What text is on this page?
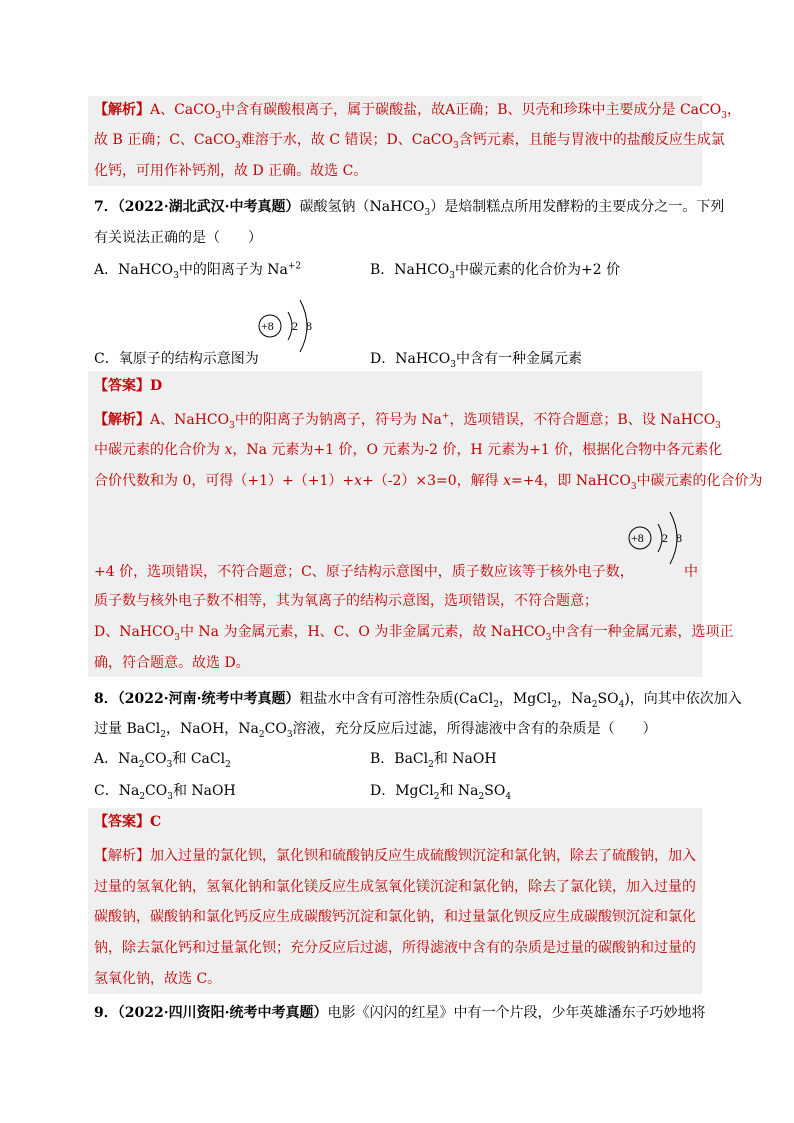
【解析】A、CaCO$_3$中含有碳酸根离子，属于碳酸盐，故A正确；B、贝壳和珍珠中主要成分是 CaCO$_3$，
故 B 正确；C、CaCO$_3$难溶于水，故 C 错误；D、CaCO$_3$含钙元素，且能与胃液中的盐酸反应生成氯
化钙，可用作补钙剂，故 D 正确。故选 C。
7．（2022·湖北武汉·中考真题）碳酸氢钠（NaHCO$_3$）是焙制糕点所用发酵粉的主要成分之一。下列
有关说法正确的是（　　）
A．NaHCO$_3$中的阳离子为 $Na^{+2}$	B．NaHCO$_3$中碳元素的化合价为+2 价
+8 2 8
C．氧原子的结构示意图为	D．NaHCO$_3$中含有一种金属元素
【答案】D
【解析】A、NaHCO$_3$中的阳离子为钠离子，符号为 Na+，选项错误，不符合题意；B、设 NaHCO$_3$
中碳元素的化合价为 x，Na 元素为+1 价，O 元素为-2 价，H 元素为+1 价，根据化合物中各元素化
合价代数和为 0，可得（+1）+（+1）+x+（-2）×3=0，解得 x=+4，即 NaHCO$_3$中碳元素的化合价为
+8 2 8
+4 价，选项错误，不符合题意；C、原子结构示意图中，质子数应该等于核外电子数，	中
质子数与核外电子数不相等，其为氧离子的结构示意图，选项错误，不符合题意；
D、NaHCO$_3$中 Na 为金属元素，H、C、O 为非金属元素，故 NaHCO$_3$中含有一种金属元素，选项正
确，符合题意。故选 D。
8．（2022·河南·统考中考真题）粗盐水中含有可溶性杂质(CaCl$_2$，MgCl$_2$，$Na_2SO_4$)，向其中依次加入
过量 BaCl$_2$，NaOH，$Na_2CO_3$溶液，充分反应后过滤，所得滤液中含有的杂质是（　　）
A．$Na_2CO_3$和 CaCl$_2$	B．BaCl$_2$和 NaOH
C．$Na_2CO_3$和 NaOH	D．MgCl$_2$和 $Na_2SO_4$
【答案】C
【解析】加入过量的氯化钡，氯化钡和硫酸钠反应生成硫酸钡沉淀和氯化钠，除去了硫酸钠，加入
过量的氢氧化钠，氢氧化钠和氯化镁反应生成氢氧化镁沉淀和氯化钠，除去了氯化镁，加入过量的
碳酸钠，碳酸钠和氯化钙反应生成碳酸钙沉淀和氯化钠，和过量氯化钡反应生成碳酸钡沉淀和氯化
钠，除去氯化钙和过量氯化钡；充分反应后过滤，所得滤液中含有的杂质是过量的碳酸钠和过量的
氢氧化钠，故选 C。
9．（2022·四川资阳·统考中考真题）电影《闪闪的红星》中有一个片段，少年英雄潘东子巧妙地将
